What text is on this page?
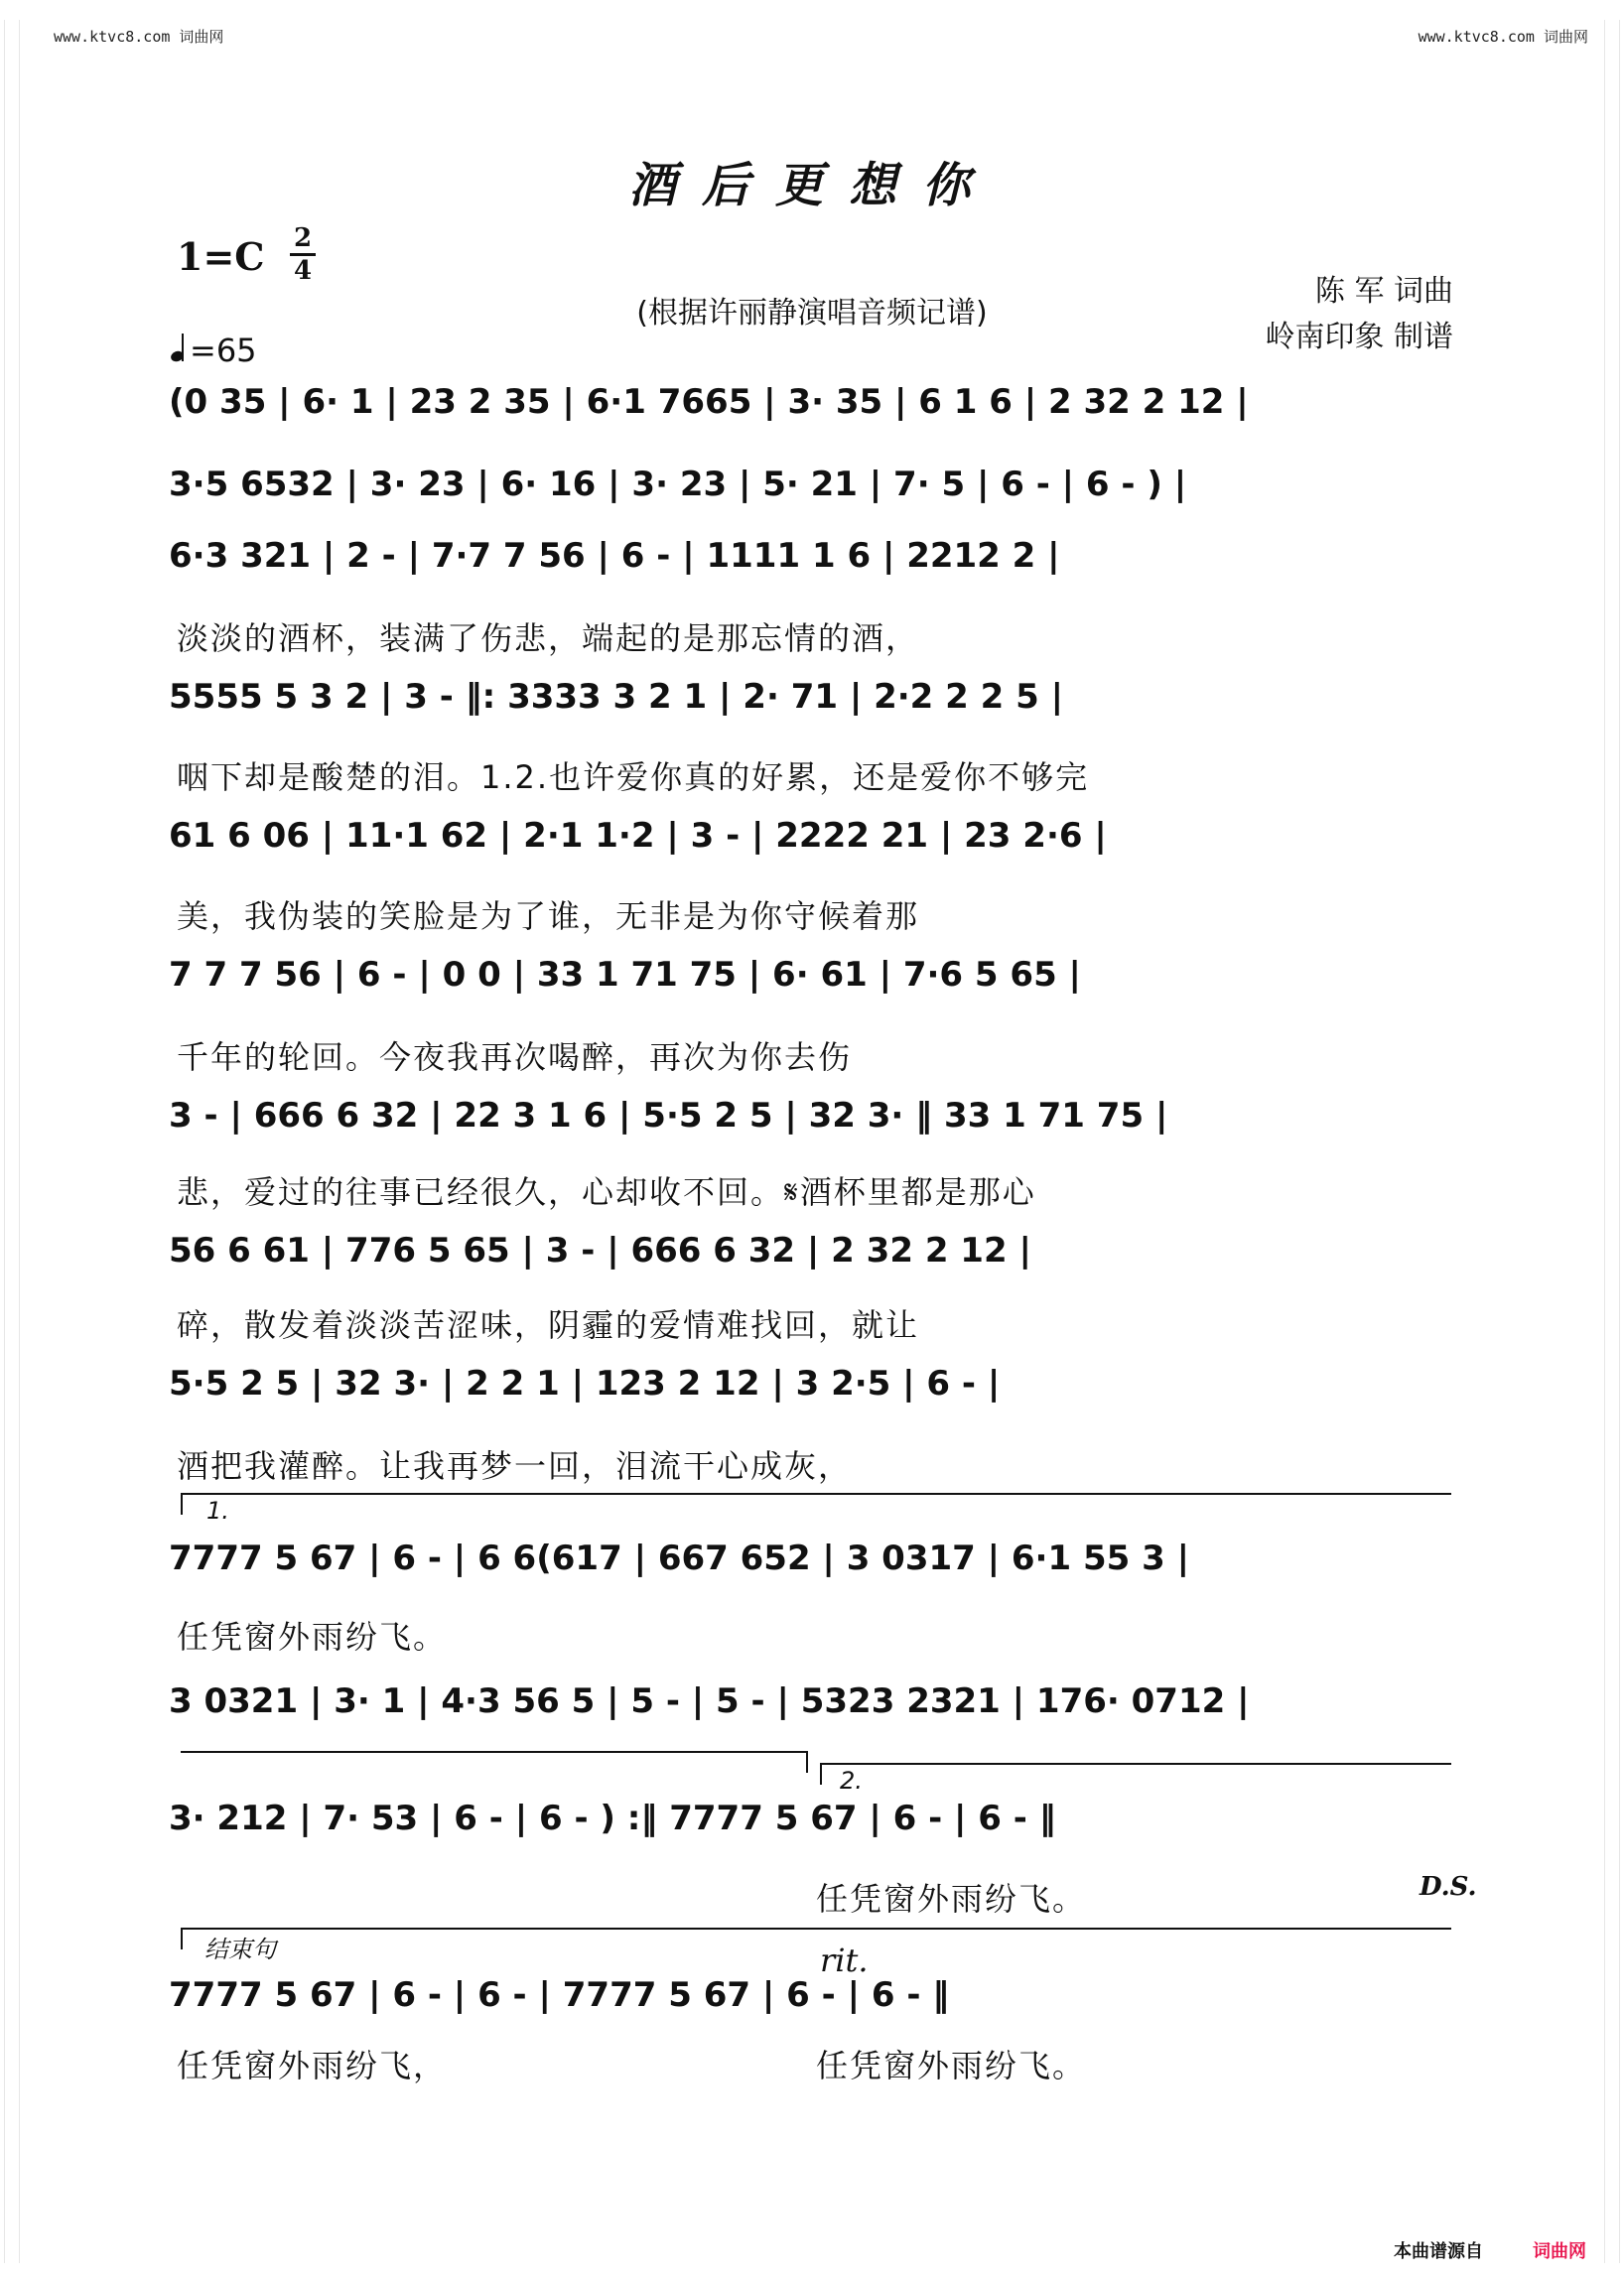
www.ktvc8.com 词曲网	www.ktvc8.com 词曲网
酒后更想你
1=C 2
4
=65
(根据许丽静演唱音频记谱)
陈 军 词曲
岭南印象 制谱
(0 35 | 6· 1 | 23 2 35 | 6·1 7665 | 3· 35 | 6 1 6 | 2 32 2 12 |
3·5 6532 | 3· 23 | 6· 16 | 3· 23 | 5· 21 | 7· 5 | 6 - | 6 - ) |
6·3 321 | 2 - | 7·7 7 56 | 6 - | 1111 1 6 | 2212 2 |
淡淡的酒杯，装满了伤悲，端起的是那忘情的酒，
5555 5 3 2 | 3 - ‖: 3333 3 2 1 | 2· 71 | 2·2 2 2 5 |
咽下却是酸楚的泪。1.2.也许爱你真的好累，还是爱你不够完
61 6 06 | 11·1 62 | 2·1 1·2 | 3 - | 2222 21 | 23 2·6 |
美，我伪装的笑脸是为了谁，无非是为你守候着那
7 7 7 56 | 6 - | 0 0 | 33 1 71 75 | 6· 61 | 7·6 5 65 |
千年的轮回。今夜我再次喝醉，再次为你去伤
3 - | 666 6 32 | 22 3 1 6 | 5·5 2 5 | 32 3· ‖ 33 1 71 75 |
悲，爱过的往事已经很久，心却收不回。𝄋酒杯里都是那心
56 6 61 | 776 5 65 | 3 - | 666 6 32 | 2 32 2 12 |
碎，散发着淡淡苦涩味，阴霾的爱情难找回，就让
5·5 2 5 | 32 3· | 2 2 1 | 123 2 12 | 3 2·5 | 6 - |
酒把我灌醉。让我再梦一回，泪流干心成灰，
1.
7777 5 67 | 6 - | 6 6(617 | 667 652 | 3 0317 | 6·1 55 3 |
任凭窗外雨纷飞。
3 0321 | 3· 1 | 4·3 56 5 | 5 - | 5 - | 5323 2321 | 176· 0712 |
2.
3· 212 | 7· 53 | 6 - | 6 - ) :‖ 7777 5 67 | 6 - | 6 - ‖
任凭窗外雨纷飞。	D.S.
结束句	rit.
7777 5 67 | 6 - | 6 - | 7777 5 67 | 6 - | 6 - ‖
任凭窗外雨纷飞，	任凭窗外雨纷飞。
本曲谱源自	词曲网
